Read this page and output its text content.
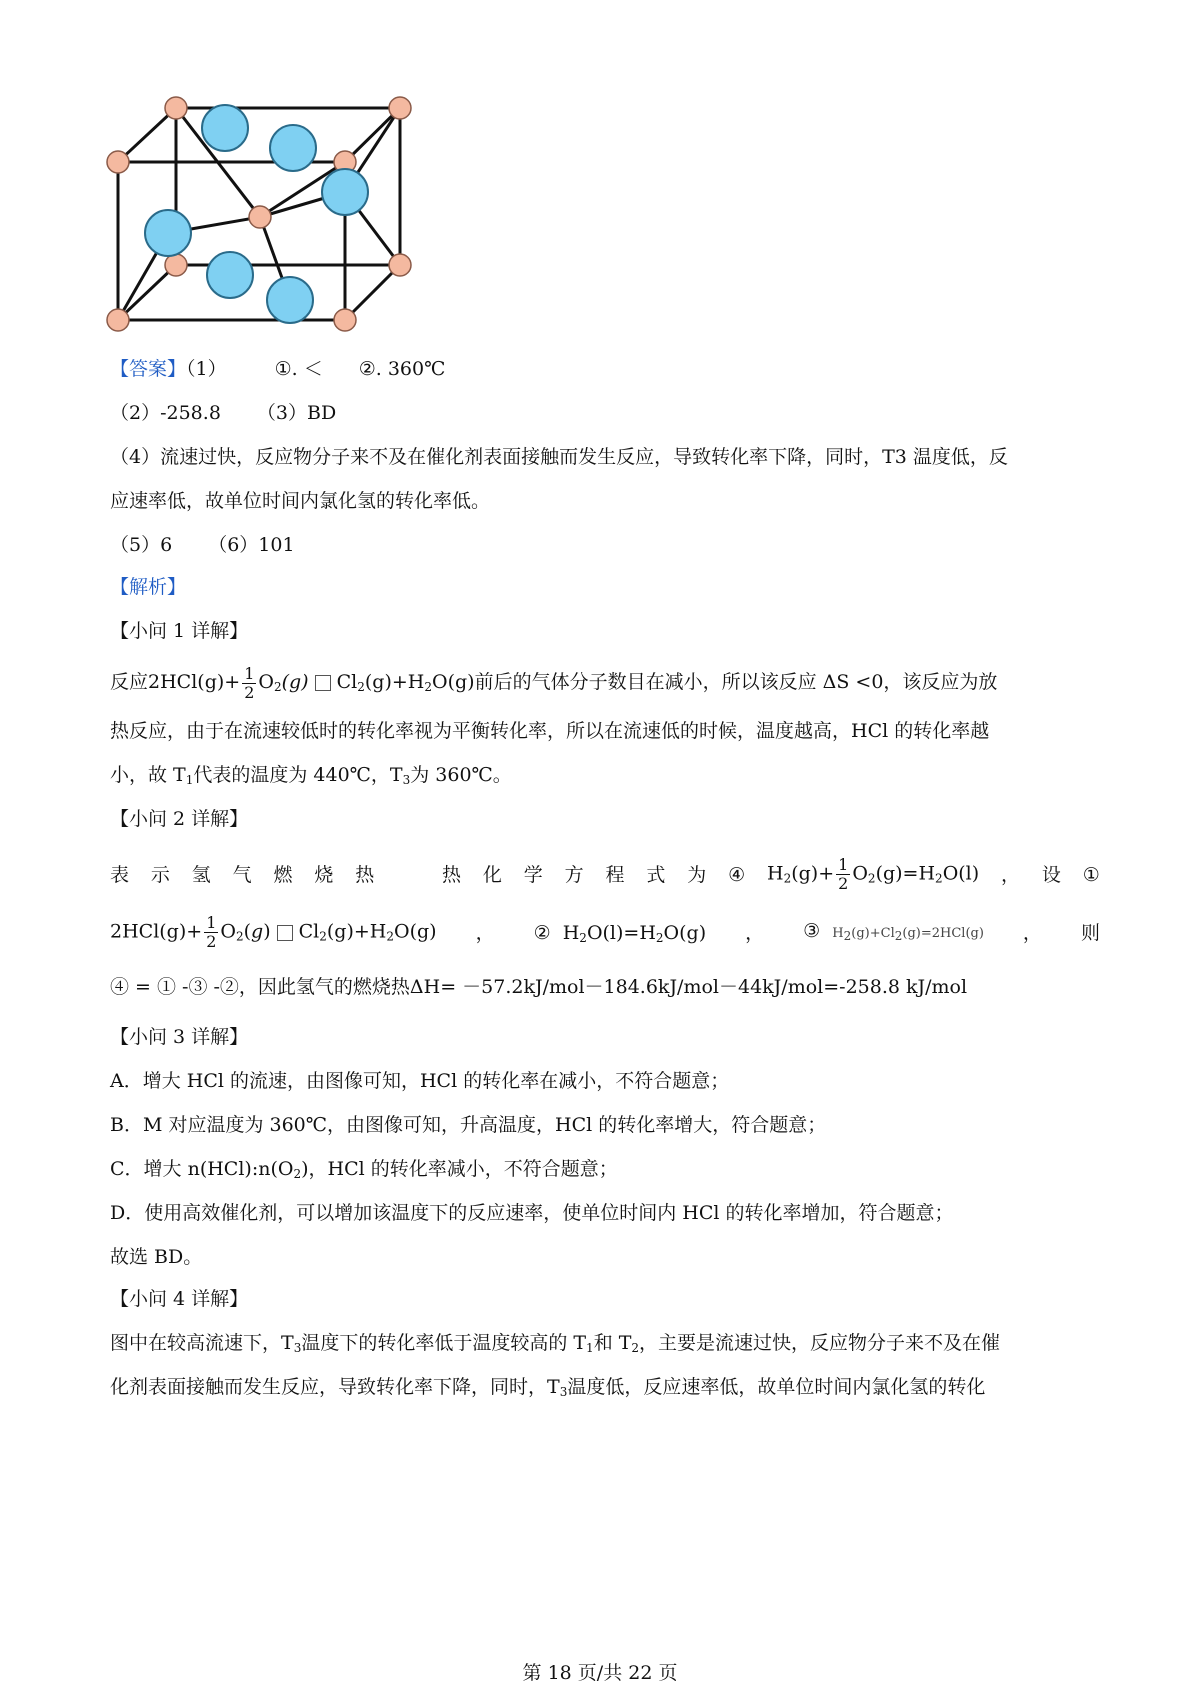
【答案】（1）	①. ＜ ②. 360℃
（2）-258.8 （3）BD
（4）流速过快，反应物分子来不及在催化剂表面接触而发生反应，导致转化率下降，同时，T3 温度低，反
应速率低，故单位时间内氯化氢的转化率低。
（5）6 （6）101
【解析】
【小问 1 详解】
反应$2HCl(g)+ \frac{1}{2} O_2(g)$ $Cl_2(g)+H_2O(g)$前后的气体分子数目在减小，所以该反应 ΔS <0，该反应为放
热反应，由于在流速较低时的转化率视为平衡转化率，所以在流速低的时候，温度越高，HCl 的转化率越
小，故 $T_1$代表的温度为 440℃，$T_3$为 360℃。
【小问 2 详解】
表 示 氢 气 燃 烧 热	热 化 学 方 程 式 为 ④ $H_2(g)+ \frac{1}{2} O_2(g)=H_2O(l)$ ， 设 ①
$2HCl(g)+ \frac{1}{2} O_2(g)$ $Cl_2(g)+H_2O(g)$ ， ②  $H_2O(l)=H_2O(g)$ ， ③ $H_2(g)+Cl_2(g)=2HCl(g)$ ， 则
④ = ① -③ -②，因此氢气的燃烧热ΔH= －57.2kJ/mol－184.6kJ/mol－44kJ/mol=-258.8 kJ/mol
【小问 3 详解】
A．增大 HCl 的流速，由图像可知，HCl 的转化率在减小，不符合题意；
B．M 对应温度为 360℃，由图像可知，升高温度，HCl 的转化率增大，符合题意；
C．增大 $n(HCl):n(O_2)$，HCl 的转化率减小，不符合题意；
D．使用高效催化剂，可以增加该温度下的反应速率，使单位时间内 HCl 的转化率增加，符合题意；
故选 BD。
【小问 4 详解】
图中在较高流速下，$T_3$温度下的转化率低于温度较高的 $T_1$和 $T_2$，主要是流速过快，反应物分子来不及在催
化剂表面接触而发生反应，导致转化率下降，同时，$T_3$温度低，反应速率低，故单位时间内氯化氢的转化
第 18 页/共 22 页
